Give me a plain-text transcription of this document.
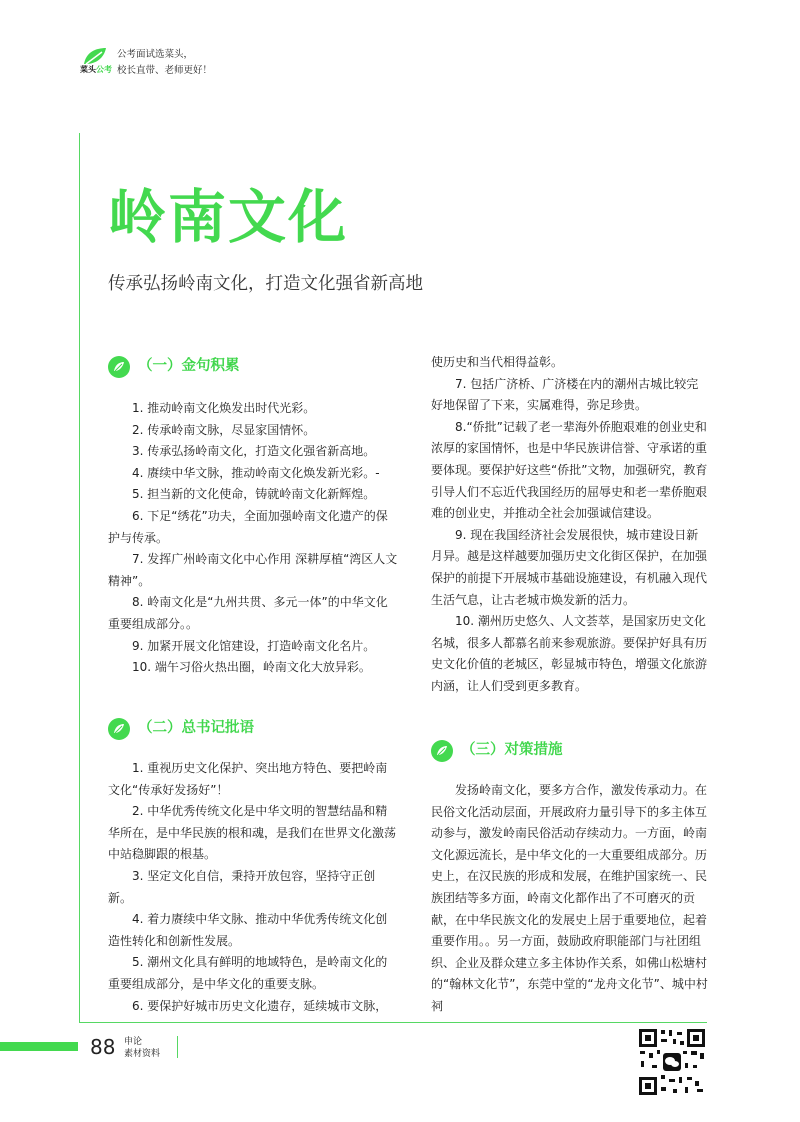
菜头公考
公考面试选菜头，
校长直带、老师更好！
岭南文化
传承弘扬岭南文化，打造文化强省新高地
（一）金句积累

1. 推动岭南文化焕发出时代光彩。

2. 传承岭南文脉，尽显家国情怀。

3. 传承弘扬岭南文化，打造文化强省新高地。

4. 赓续中华文脉，推动岭南文化焕发新光彩。-

5. 担当新的文化使命，铸就岭南文化新辉煌。

6. 下足“绣花”功夫，全面加强岭南文化遗产的保护与传承。

7. 发挥广州岭南文化中心作用 深耕厚植“湾区人文精神”。

8. 岭南文化是“九州共贯、多元一体”的中华文化重要组成部分。。

9. 加紧开展文化馆建设，打造岭南文化名片。

10. 端午习俗火热出圈，岭南文化大放异彩。

（二）总书记批语

1. 重视历史文化保护、突出地方特色、要把岭南文化“传承好发扬好”！

2. 中华优秀传统文化是中华文明的智慧结晶和精华所在，是中华民族的根和魂，是我们在世界文化激荡中站稳脚跟的根基。

3. 坚定文化自信，秉持开放包容，坚持守正创新。

4. 着力赓续中华文脉、推动中华优秀传统文化创造性转化和创新性发展。

5. 潮州文化具有鲜明的地域特色，是岭南文化的重要组成部分，是中华文化的重要支脉。

6. 要保护好城市历史文化遗存，延续城市文脉，

使历史和当代相得益彰。

7. 包括广济桥、广济楼在内的潮州古城比较完好地保留了下来，实属难得，弥足珍贵。

8.“侨批”记载了老一辈海外侨胞艰难的创业史和浓厚的家国情怀，也是中华民族讲信誉、守承诺的重要体现。要保护好这些“侨批”文物，加强研究，教育引导人们不忘近代我国经历的屈辱史和老一辈侨胞艰难的创业史，并推动全社会加强诚信建设。

9. 现在我国经济社会发展很快，城市建设日新月异。越是这样越要加强历史文化街区保护，在加强保护的前提下开展城市基础设施建设，有机融入现代生活气息，让古老城市焕发新的活力。

10. 潮州历史悠久、人文荟萃，是国家历史文化名城，很多人都慕名前来参观旅游。要保护好具有历史文化价值的老城区，彰显城市特色，增强文化旅游内涵，让人们受到更多教育。

（三）对策措施

发扬岭南文化，要多方合作，激发传承动力。在民俗文化活动层面，开展政府力量引导下的多主体互动参与，激发岭南民俗活动存续动力。一方面，岭南文化源远流长，是中华文化的一大重要组成部分。历史上，在汉民族的形成和发展，在维护国家统一、民族团结等多方面，岭南文化都作出了不可磨灭的贡献，在中华民族文化的发展史上居于重要地位，起着重要作用。。另一方面，鼓励政府职能部门与社团组织、企业及群众建立多主体协作关系，如佛山松塘村的“翰林文化节”，东莞中堂的“龙舟文化节”、城中村祠

88 申论
素材资料
